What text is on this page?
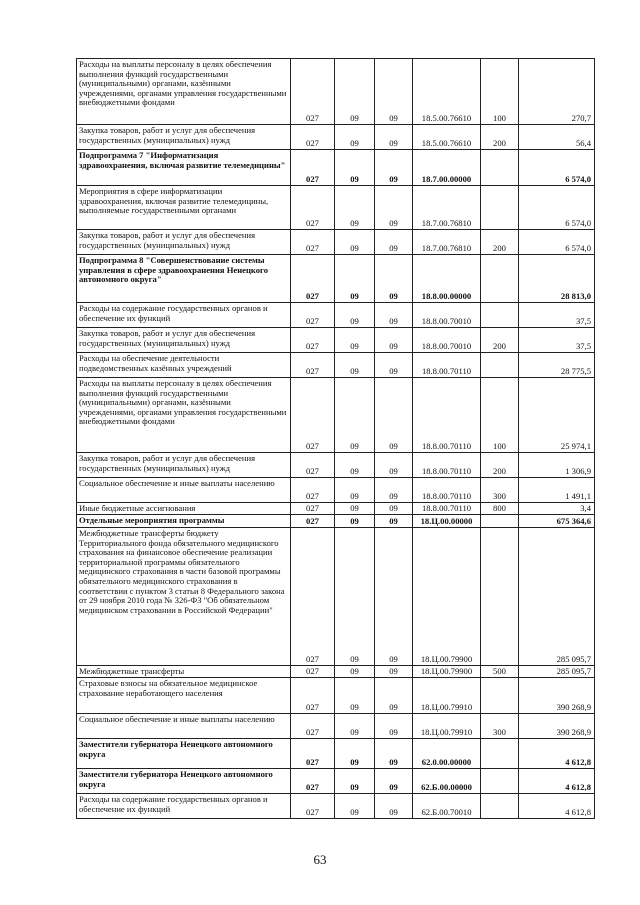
Расходы на выплаты персоналу в целях обеспечения выполнения функций государственными (муниципальными) органами, казёнными учреждениями, органами управления государственными внебюджетными фондами	027	09	09	18.5.00.76610	100	270,7
Закупка товаров, работ и услуг для обеспечения государственных (муниципальных) нужд	027	09	09	18.5.00.76610	200	56,4
Подпрограмма 7 "Информатизация здравоохранения, включая развитие телемедицины"	027	09	09	18.7.00.00000		6 574,0
Мероприятия в сфере информатизации здравоохранения, включая развитие телемедицины, выполняемые государственными органами	027	09	09	18.7.00.76810		6 574,0
Закупка товаров, работ и услуг для обеспечения государственных (муниципальных) нужд	027	09	09	18.7.00.76810	200	6 574,0
Подпрограмма 8 "Совершенствование системы управления в сфере здравоохранения Ненецкого автономного округа"	027	09	09	18.8.00.00000		28 813,0
Расходы на содержание государственных органов и обеспечение их функций	027	09	09	18.8.00.70010		37,5
Закупка товаров, работ и услуг для обеспечения государственных (муниципальных) нужд	027	09	09	18.8.00.70010	200	37,5
Расходы на обеспечение деятельности подведомственных казённых учреждений	027	09	09	18.8.00.70110		28 775,5
Расходы на выплаты персоналу в целях обеспечения выполнения функций государственными (муниципальными) органами, казёнными учреждениями, органами управления государственными внебюджетными фондами	027	09	09	18.8.00.70110	100	25 974,1
Закупка товаров, работ и услуг для обеспечения государственных (муниципальных) нужд	027	09	09	18.8.00.70110	200	1 306,9
Социальное обеспечение и иные выплаты населению	027	09	09	18.8.00.70110	300	1 491,1
Иные бюджетные ассигнования	027	09	09	18.8.00.70110	800	3,4
Отдельные мероприятия программы	027	09	09	18.Ц.00.00000		675 364,6
Межбюджетные трансферты бюджету Территориального фонда обязательного медицинского страхования на финансовое обеспечение реализации территориальной программы обязательного медицинского страхования в части базовой программы обязательного медицинского страхования в соответствии с пунктом 3 статьи 8 Федерального закона от 29 ноября 2010 года № 326-ФЗ "Об обязательном медицинском страховании в Российской Федерации"	027	09	09	18.Ц.00.79900		285 095,7
Межбюджетные трансферты	027	09	09	18.Ц.00.79900	500	285 095,7
Страховые взносы на обязательное медицинское страхование неработающего населения	027	09	09	18.Ц.00.79910		390 268,9
Социальное обеспечение и иные выплаты населению	027	09	09	18.Ц.00.79910	300	390 268,9
Заместители губернатора Ненецкого автономного округа	027	09	09	62.0.00.00000		4 612,8
Заместители губернатора Ненецкого автономного округа	027	09	09	62.Б.00.00000		4 612,8
Расходы на содержание государственных органов и обеспечение их функций	027	09	09	62.Б.00.70010		4 612,8
63
